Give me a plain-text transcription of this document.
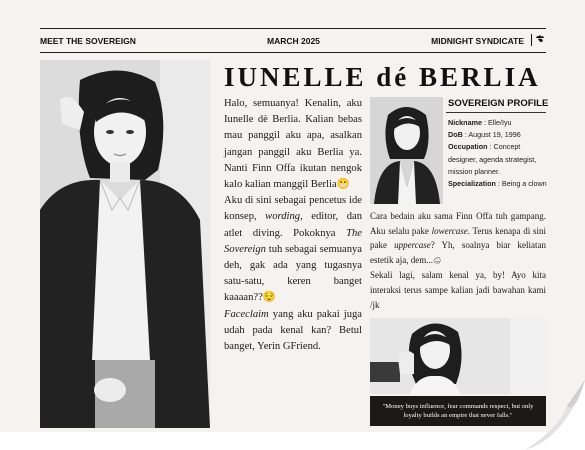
MEET THE SOVEREIGN	MARCH 2025	MIDNIGHT SYNDICATE
IUNELLE dé BERLIA

Halo, semuanya! Kenalin, aku Iunelle dè Berlia. Kalian bebas mau panggil aku apa, asalkan jangan panggil aku Berlia ya. Nanti Finn Offa ikutan nengok kalo kalian manggil Berlia😬

Aku di sini sebagai pencetus ide konsep, wording, editor, dan atlet diving. Pokoknya The Sovereign tuh sebagai semuanya deh, gak ada yang tugasnya satu-satu, keren banget kaaaan??😌

Faceclaim yang aku pakai juga udah pada kenal kan? Betul banget, Yerin GFriend.

SOVEREIGN PROFILE
Nickname : Elle/Iyu
DoB : August 19, 1996
Occupation : Concept designer, agenda strategist, mission planner.
Specialization : Being a clown

Cara bedain aku sama Finn Offa tuh gampang. Aku selalu pake lowercase. Terus kenapa di sini pake uppercase? Yh, soalnya biar keliatan estetik aja, dem...🌧

Sekali lagi, salam kenal ya, by! Ayo kita interaksi terus sampe kalian jadi bawahan kami /jk

"Money buys influence, fear commands respect, but only loyalty builds an empire that never falls."
